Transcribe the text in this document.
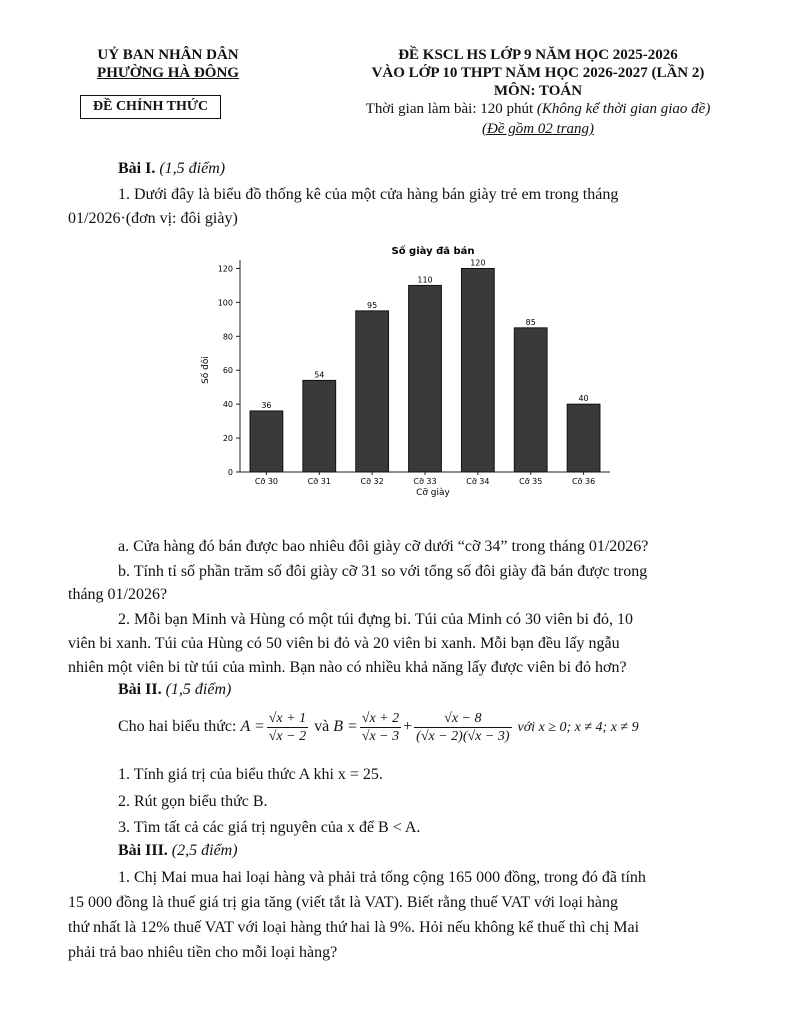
UỶ BAN NHÂN DÂN
PHƯỜNG HÀ ĐÔNG
ĐỀ CHÍNH THỨC
ĐỀ KSCL HS LỚP 9 NĂM HỌC 2025-2026
VÀO LỚP 10 THPT NĂM HỌC 2026-2027 (LẦN 2)
MÔN: TOÁN
Thời gian làm bài: 120 phút (Không kể thời gian giao đề)
(Đề gồm 02 trang)
Bài I. (1,5 điểm)
1. Dưới đây là biểu đồ thống kê của một cửa hàng bán giày trẻ em trong tháng
01/2026·(đơn vị: đôi giày)
Số giày đã bán
Số đôi
Cỡ giày
0
20
40
60
80
100
120
36
Cỡ 30
54
Cỡ 31
95
Cỡ 32
110
Cỡ 33
120
Cỡ 34
85
Cỡ 35
40
Cỡ 36
a. Cửa hàng đó bán được bao nhiêu đôi giày cỡ dưới “cỡ 34” trong tháng 01/2026?
b. Tính tỉ số phần trăm số đôi giày cỡ 31 so với tổng số đôi giày đã bán được trong
tháng 01/2026?
2. Mỗi bạn Minh và Hùng có một túi đựng bi. Túi của Minh có 30 viên bi đỏ, 10
viên bi xanh. Túi của Hùng có 50 viên bi đỏ và 20 viên bi xanh. Mỗi bạn đều lấy ngẫu
nhiên một viên bi từ túi của mình. Bạn nào có nhiều khả năng lấy được viên bi đỏ hơn?
Bài II. (1,5 điểm)
Cho hai biểu thức: $A = \frac{√x + 1}{√x - 2}$ và $B = \frac{√x + 2}{√x - 3} + \frac{√x - 8}{(√x - 2)(√x - 3)}$ với x ≥ 0; x ≠ 4; x ≠ 9
1. Tính giá trị của biểu thức A khi x = 25.
2. Rút gọn biểu thức B.
3. Tìm tất cả các giá trị nguyên của x để B < A.
Bài III. (2,5 điểm)
1. Chị Mai mua hai loại hàng và phải trả tổng cộng 165 000 đồng, trong đó đã tính
15 000 đồng là thuế giá trị gia tăng (viết tắt là VAT). Biết rằng thuế VAT với loại hàng
thứ nhất là 12% thuế VAT với loại hàng thứ hai là 9%. Hỏi nếu không kể thuế thì chị Mai
phải trả bao nhiêu tiền cho mỗi loại hàng?
